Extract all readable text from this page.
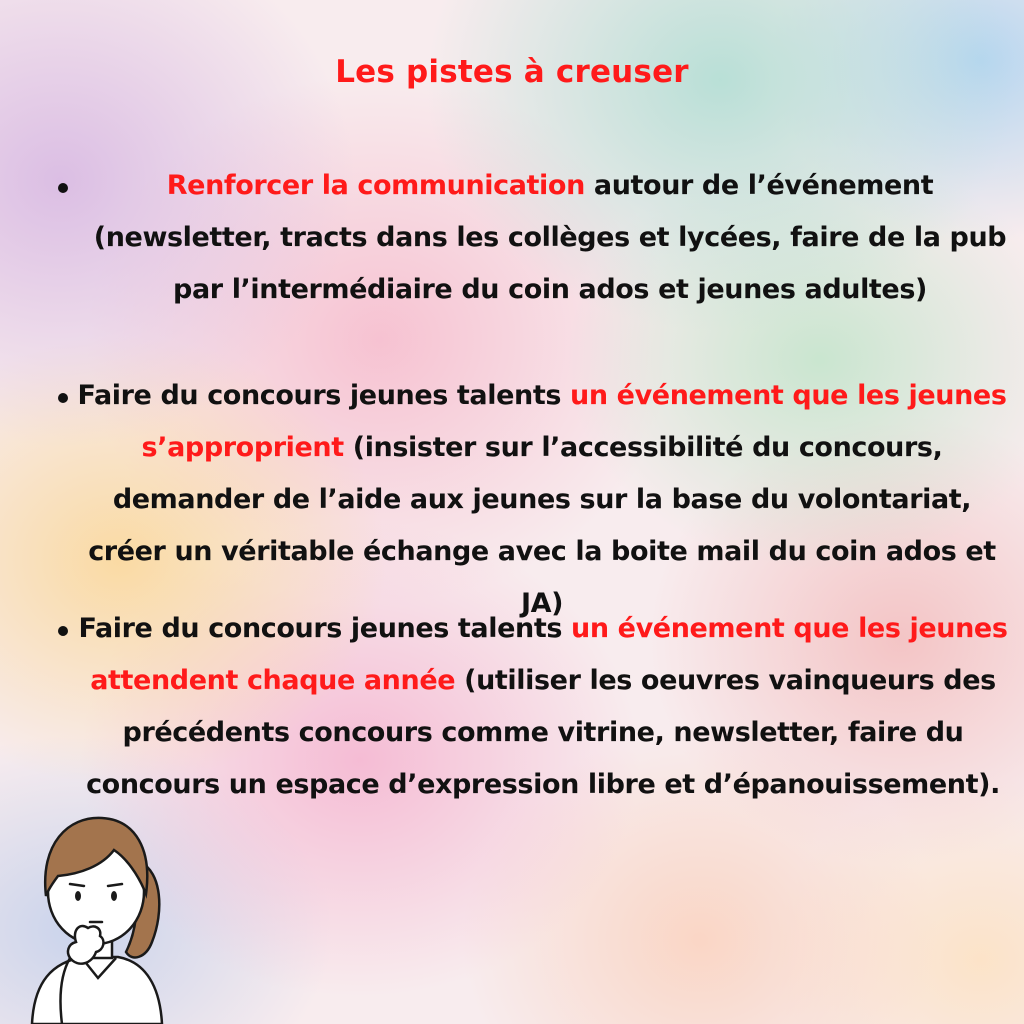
Les pistes à creuser
Renforcer la communication autour de l’événement (newsletter, tracts dans les collèges et lycées, faire de la pub par l’intermédiaire du coin ados et jeunes adultes)
Faire du concours jeunes talents un événement que les jeunes s’approprient (insister sur l’accessibilité du concours, demander de l’aide aux jeunes sur la base du volontariat, créer un véritable échange avec la boite mail du coin ados et JA)
Faire du concours jeunes talents un événement que les jeunes attendent chaque année (utiliser les oeuvres vainqueurs des précédents concours comme vitrine, newsletter, faire du concours un espace d’expression libre et d’épanouissement).
